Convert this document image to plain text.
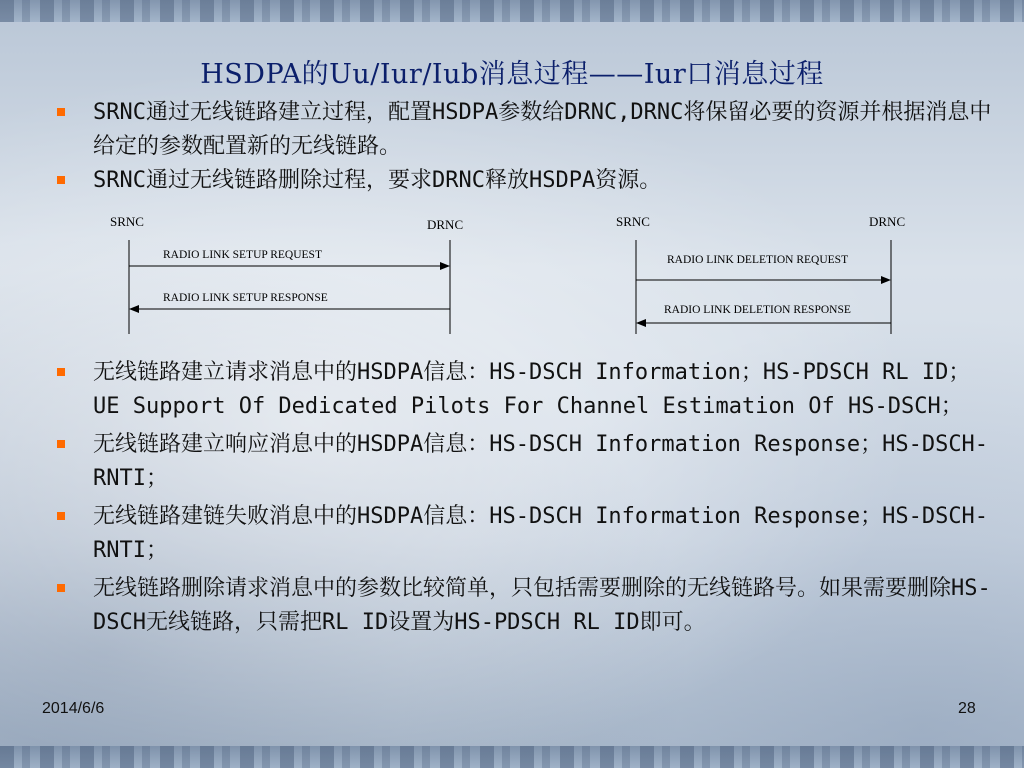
HSDPA的Uu/Iur/Iub消息过程——Iur口消息过程
SRNC通过无线链路建立过程，配置HSDPA参数给DRNC,DRNC将保留必要的资源并根据消息中给定的参数配置新的无线链路。
SRNC通过无线链路删除过程，要求DRNC释放HSDPA资源。
SRNC	DRNC
RADIO LINK SETUP REQUEST
RADIO LINK SETUP RESPONSE
SRNC	DRNC
RADIO LINK DELETION REQUEST
RADIO LINK DELETION RESPONSE
无线链路建立请求消息中的HSDPA信息：HS-DSCH Information；HS-PDSCH RL ID；UE Support Of Dedicated Pilots For Channel Estimation Of HS-DSCH；
无线链路建立响应消息中的HSDPA信息：HS-DSCH Information Response；HS-DSCH-RNTI；
无线链路建链失败消息中的HSDPA信息：HS-DSCH Information Response；HS-DSCH-RNTI；
无线链路删除请求消息中的参数比较简单，只包括需要删除的无线链路号。如果需要删除HS-DSCH无线链路，只需把RL ID设置为HS-PDSCH RL ID即可。
2014/6/6	28
